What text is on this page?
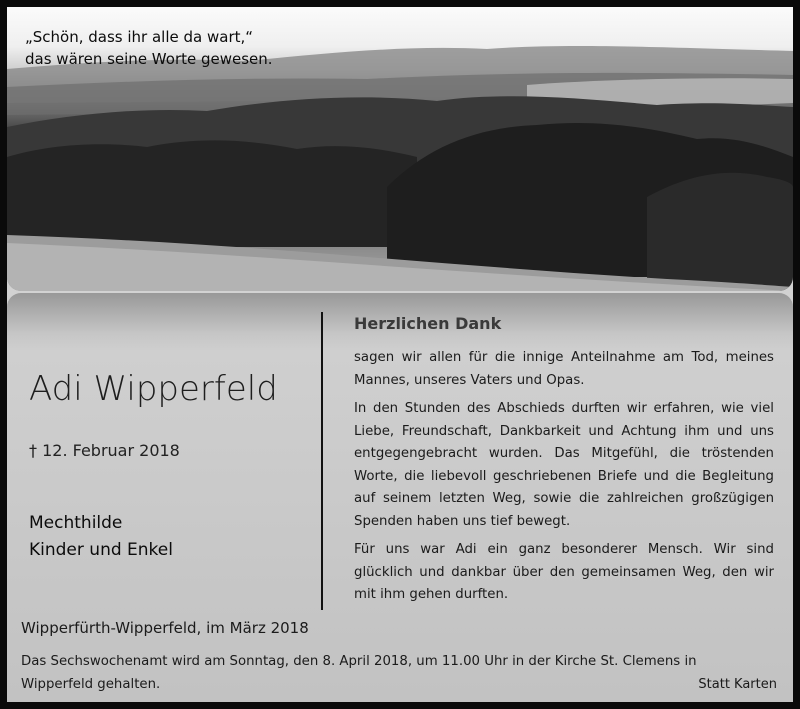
„Schön, dass ihr alle da wart,“
das wären seine Worte gewesen.
Adi Wipperfeld
† 12. Februar 2018
Mechthilde
Kinder und Enkel
Herzlichen Dank

sagen wir allen für die innige Anteilnahme am Tod, meines Mannes, unseres Vaters und Opas.

In den Stunden des Abschieds durften wir erfahren, wie viel Liebe, Freundschaft, Dankbarkeit und Achtung ihm und uns entgegengebracht wurden. Das Mitgefühl, die tröstenden Worte, die liebevoll geschriebenen Briefe und die Begleitung auf seinem letzten Weg, sowie die zahlreichen großzügigen Spenden haben uns tief bewegt.

Für uns war Adi ein ganz besonderer Mensch. Wir sind glücklich und dankbar über den gemeinsamen Weg, den wir mit ihm gehen durften.

Wipperfürth-Wipperfeld, im März 2018
Das Sechswochenamt wird am Sonntag, den 8. April 2018, um 11.00 Uhr in der Kirche St. Clemens in Wipperfeld gehalten.	Statt Karten
